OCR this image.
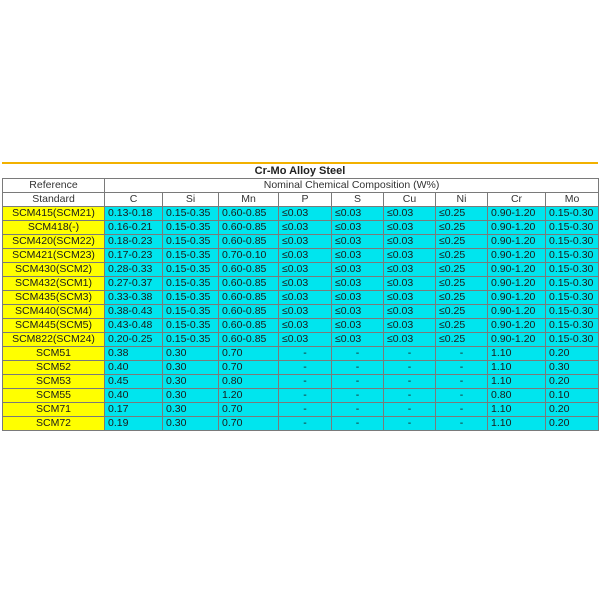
Cr-Mo Alloy Steel
Reference	Nominal Chemical Composition (W%)								
Standard	C	Si	Mn	P	S	Cu	Ni	Cr	Mo
SCM415(SCM21)	0.13-0.18	0.15-0.35	0.60-0.85	≤0.03	≤0.03	≤0.03	≤0.25	0.90-1.20	0.15-0.30
SCM418(-)	0.16-0.21	0.15-0.35	0.60-0.85	≤0.03	≤0.03	≤0.03	≤0.25	0.90-1.20	0.15-0.30
SCM420(SCM22)	0.18-0.23	0.15-0.35	0.60-0.85	≤0.03	≤0.03	≤0.03	≤0.25	0.90-1.20	0.15-0.30
SCM421(SCM23)	0.17-0.23	0.15-0.35	0.70-0.10	≤0.03	≤0.03	≤0.03	≤0.25	0.90-1.20	0.15-0.30
SCM430(SCM2)	0.28-0.33	0.15-0.35	0.60-0.85	≤0.03	≤0.03	≤0.03	≤0.25	0.90-1.20	0.15-0.30
SCM432(SCM1)	0.27-0.37	0.15-0.35	0.60-0.85	≤0.03	≤0.03	≤0.03	≤0.25	0.90-1.20	0.15-0.30
SCM435(SCM3)	0.33-0.38	0.15-0.35	0.60-0.85	≤0.03	≤0.03	≤0.03	≤0.25	0.90-1.20	0.15-0.30
SCM440(SCM4)	0.38-0.43	0.15-0.35	0.60-0.85	≤0.03	≤0.03	≤0.03	≤0.25	0.90-1.20	0.15-0.30
SCM445(SCM5)	0.43-0.48	0.15-0.35	0.60-0.85	≤0.03	≤0.03	≤0.03	≤0.25	0.90-1.20	0.15-0.30
SCM822(SCM24)	0.20-0.25	0.15-0.35	0.60-0.85	≤0.03	≤0.03	≤0.03	≤0.25	0.90-1.20	0.15-0.30
SCM51	0.38	0.30	0.70	-	-	-	-	1.10	0.20
SCM52	0.40	0.30	0.70	-	-	-	-	1.10	0.30
SCM53	0.45	0.30	0.80	-	-	-	-	1.10	0.20
SCM55	0.40	0.30	1.20	-	-	-	-	0.80	0.10
SCM71	0.17	0.30	0.70	-	-	-	-	1.10	0.20
SCM72	0.19	0.30	0.70	-	-	-	-	1.10	0.20
